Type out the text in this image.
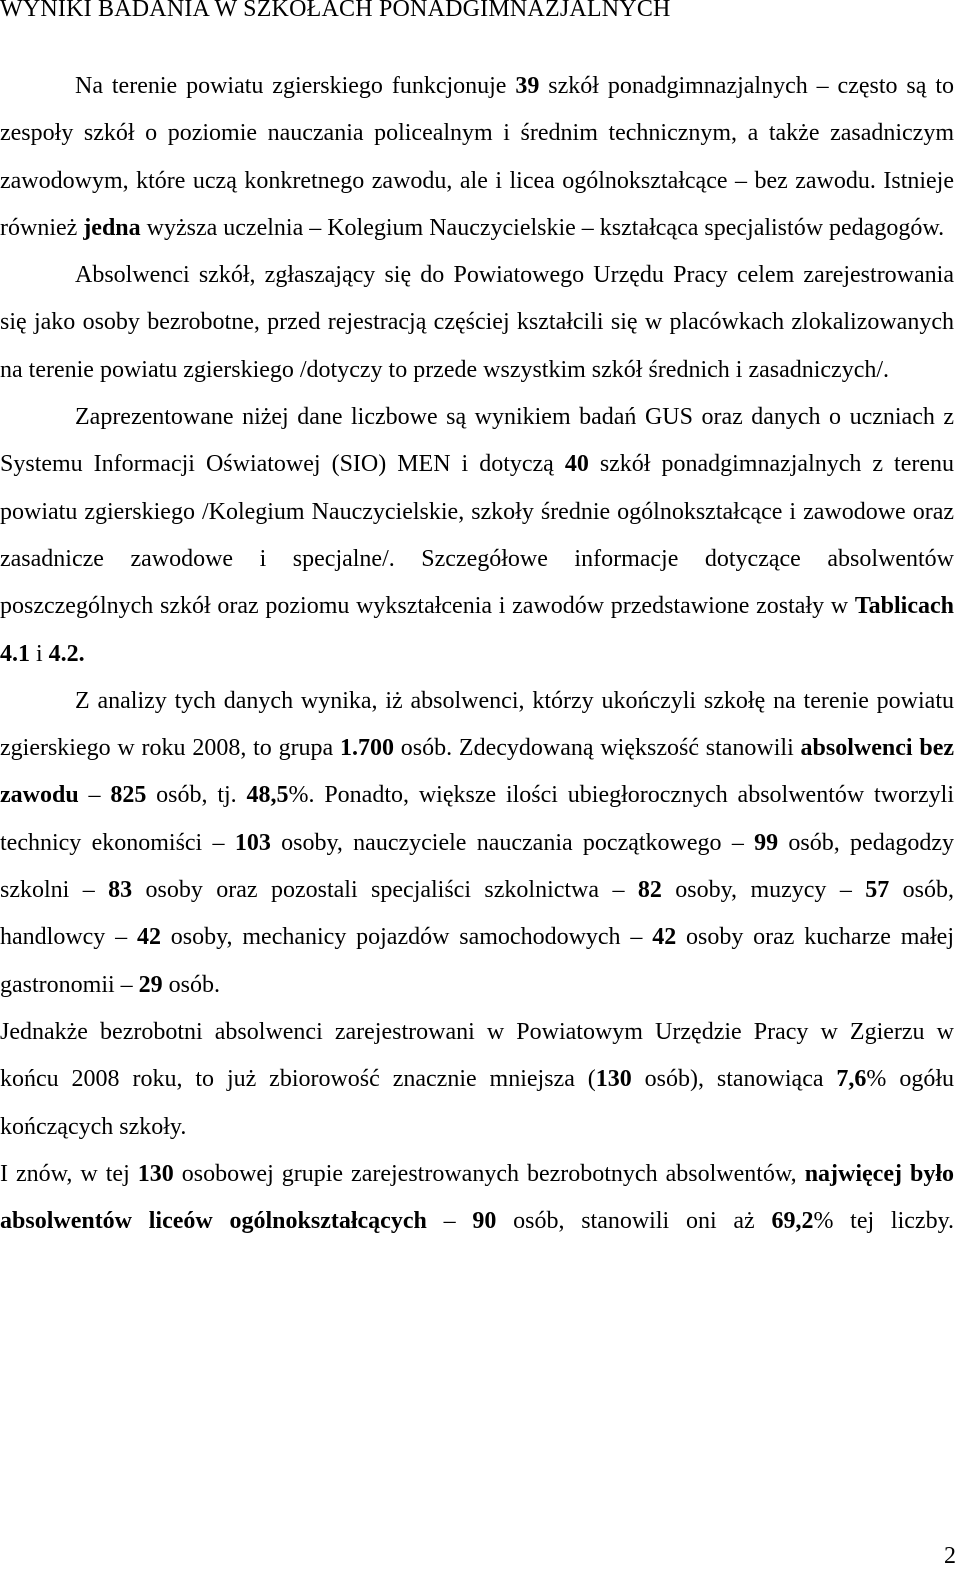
WYNIKI BADANIA W SZKOŁACH PONADGIMNAZJALNYCH

Na terenie powiatu zgierskiego funkcjonuje 39 szkół ponadgimnazjalnych – często są to zespoły szkół o poziomie nauczania policealnym i średnim technicznym, a także zasadniczym zawodowym, które uczą konkretnego zawodu, ale i licea ogólnokształcące – bez zawodu. Istnieje również jedna wyższa uczelnia – Kolegium Nauczycielskie – kształcąca specjalistów pedagogów.

Absolwenci szkół, zgłaszający się do Powiatowego Urzędu Pracy celem zarejestrowania się jako osoby bezrobotne, przed rejestracją częściej kształcili się w placówkach zlokalizowanych na terenie powiatu zgierskiego /dotyczy to przede wszystkim szkół średnich i zasadniczych/.

Zaprezentowane niżej dane liczbowe są wynikiem badań GUS oraz danych o uczniach z Systemu Informacji Oświatowej (SIO) MEN i dotyczą 40 szkół ponadgimnazjalnych z terenu powiatu zgierskiego /Kolegium Nauczycielskie, szkoły średnie ogólnokształcące i zawodowe oraz zasadnicze zawodowe i specjalne/. Szczegółowe informacje dotyczące absolwentów poszczególnych szkół oraz poziomu wykształcenia i zawodów przedstawione zostały w Tablicach 4.1 i 4.2.

Z analizy tych danych wynika, iż absolwenci, którzy ukończyli szkołę na terenie powiatu zgierskiego w roku 2008, to grupa 1.700 osób. Zdecydowaną większość stanowili absolwenci bez zawodu – 825 osób, tj. 48,5%. Ponadto, większe ilości ubiegłorocznych absolwentów tworzyli technicy ekonomiści – 103 osoby, nauczyciele nauczania początkowego – 99 osób, pedagodzy szkolni – 83 osoby oraz pozostali specjaliści szkolnictwa – 82 osoby, muzycy – 57 osób, handlowcy – 42 osoby, mechanicy pojazdów samochodowych – 42 osoby oraz kucharze małej gastronomii – 29 osób.

Jednakże bezrobotni absolwenci zarejestrowani w Powiatowym Urzędzie Pracy w Zgierzu w końcu 2008 roku, to już zbiorowość znacznie mniejsza (130 osób), stanowiąca 7,6% ogółu kończących szkoły.

I znów, w tej 130 osobowej grupie zarejestrowanych bezrobotnych absolwentów, najwięcej było absolwentów liceów ogólnokształcących – 90 osób, stanowili oni aż 69,2% tej liczby.

2
